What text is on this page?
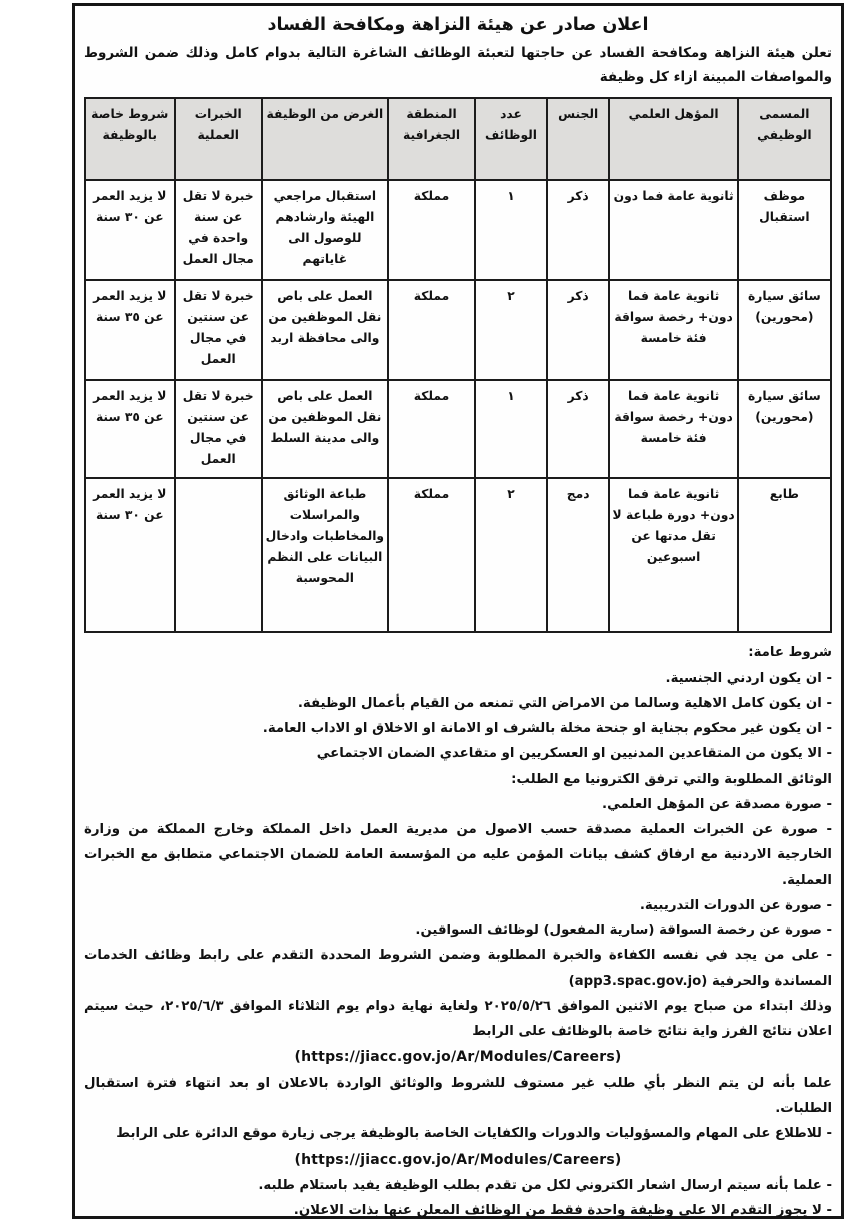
اعلان صادر عن هيئة النزاهة ومكافحة الفساد

تعلن هيئة النزاهة ومكافحة الفساد عن حاجتها لتعبئة الوظائف الشاغرة التالية بدوام كامل وذلك ضمن الشروط والمواصفات المبينة ازاء كل وظيفة

المسمى الوظيفي	المؤهل العلمي	الجنس	عدد الوظائف	المنطقة الجغرافية	الغرض من الوظيفة	الخبرات العملية	شروط خاصة بالوظيفة
موظف استقبال	ثانوية عامة فما دون	ذكر	١	مملكة	استقبال مراجعي الهيئة وارشادهم للوصول الى غاياتهم	خبرة لا تقل عن سنة واحدة في مجال العمل	لا يزيد العمر عن ٣٠ سنة
سائق سيارة (محورين)	ثانوية عامة فما دون+ رخصة سواقة فئة خامسة	ذكر	٢	مملكة	العمل على باص نقل الموظفين من والى محافظة اربد	خبرة لا تقل عن سنتين في مجال العمل	لا يزيد العمر عن ٣٥ سنة
سائق سيارة (محورين)	ثانوية عامة فما دون+ رخصة سواقة فئة خامسة	ذكر	١	مملكة	العمل على باص نقل الموظفين من والى مدينة السلط	خبرة لا تقل عن سنتين في مجال العمل	لا يزيد العمر عن ٣٥ سنة
طابع	ثانوية عامة فما دون+ دورة طباعة لا تقل مدتها عن اسبوعين	دمج	٢	مملكة	طباعة الوثائق والمراسلات والمخاطبات وادخال البيانات على النظم المحوسبة		لا يزيد العمر عن ٣٠ سنة

شروط عامة:

- ان يكون اردني الجنسية.

- ان يكون كامل الاهلية وسالما من الامراض التي تمنعه من القيام بأعمال الوظيفة.

- ان يكون غير محكوم بجناية او جنحة مخلة بالشرف او الامانة او الاخلاق او الاداب العامة.

- الا يكون من المتقاعدين المدنيين او العسكريين او متقاعدي الضمان الاجتماعي

الوثائق المطلوبة والتي ترفق الكترونيا مع الطلب:

- صورة مصدقة عن المؤهل العلمي.

- صورة عن الخبرات العملية مصدقة حسب الاصول من مديرية العمل داخل المملكة وخارج المملكة من وزارة الخارجية الاردنية مع ارفاق كشف بيانات المؤمن عليه من المؤسسة العامة للضمان الاجتماعي متطابق مع الخبرات العملية.

- صورة عن الدورات التدريبية.

- صورة عن رخصة السواقة (سارية المفعول) لوظائف السواقين.

- على من يجد في نفسه الكفاءة والخبرة المطلوبة وضمن الشروط المحددة التقدم على رابط وظائف الخدمات المساندة والحرفية (app3.spac.gov.jo)

وذلك ابتداء من صباح يوم الاثنين الموافق ٢٠٢٥/٥/٢٦ ولغاية نهاية دوام يوم الثلاثاء الموافق ٢٠٢٥/٦/٣، حيث سيتم اعلان نتائج الفرز واية نتائج خاصة بالوظائف على الرابط

(https://jiacc.gov.jo/Ar/Modules/Careers)

علما بأنه لن يتم النظر بأي طلب غير مستوف للشروط والوثائق الواردة بالاعلان او بعد انتهاء فترة استقبال الطلبات.

- للاطلاع على المهام والمسؤوليات والدورات والكفايات الخاصة بالوظيفة يرجى زيارة موقع الدائرة على الرابط

(https://jiacc.gov.jo/Ar/Modules/Careers)

- علما بأنه سيتم ارسال اشعار الكتروني لكل من تقدم بطلب الوظيفة يفيد باستلام طلبه.

- لا يجوز التقدم الا على وظيفة واحدة فقط من الوظائف المعلن عنها بذات الاعلان.
